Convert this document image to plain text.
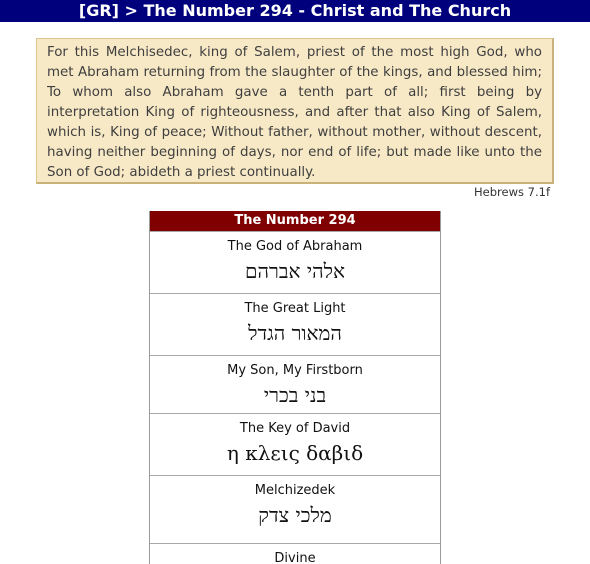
[GR] > The Number 294 - Christ and The Church
For this Melchisedec, king of Salem, priest of the most high God, who
met Abraham returning from the slaughter of the kings, and blessed him;
To whom also Abraham gave a tenth part of all; first being by
interpretation King of righteousness, and after that also King of Salem,
which is, King of peace; Without father, without mother, without descent,
having neither beginning of days, nor end of life; but made like unto the
Son of God; abideth a priest continually.
Hebrews 7.1f
The Number 294
The God of Abraham
אלהי אברהם
The Great Light
המאור הגדל
My Son, My Firstborn
בני בכרי
The Key of David
η κλεις δαβιδ
Melchizedek
מלכי צדק
Divine
